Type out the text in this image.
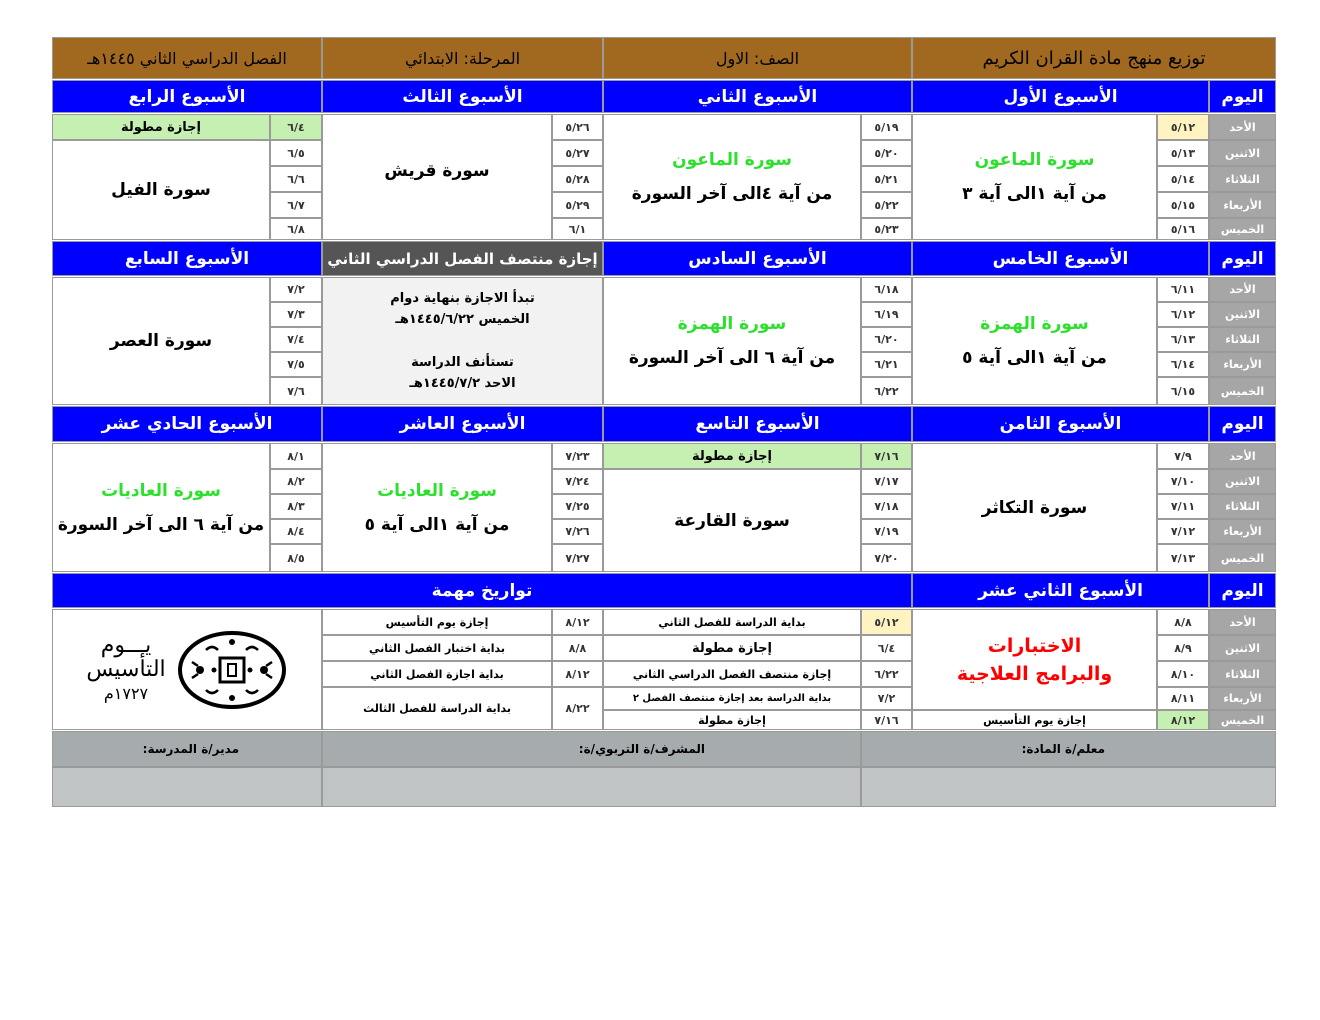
توزيع منهج مادة القران الكريم
الصف: الاول
المرحلة: الابتدائي
الفصل الدراسي الثاني ١٤٤٥هـ
اليوم
الأسبوع الأول
الأسبوع الثاني
الأسبوع الثالث
الأسبوع الرابع
الأحد
الاثنين
الثلاثاء
الأربعاء
الخميس
٥/١٢
٥/١٣
٥/١٤
٥/١٥
٥/١٦
سورة الماعون
من آية ١الى آية ٣
٥/١٩
٥/٢٠
٥/٢١
٥/٢٢
٥/٢٣
سورة الماعون
من آية ٤الى آخر السورة
٥/٢٦
٥/٢٧
٥/٢٨
٥/٢٩
٦/١
سورة قريش
٦/٤
٦/٥
٦/٦
٦/٧
٦/٨
إجازة مطولة
سورة الفيل
اليوم
الأسبوع الخامس
الأسبوع السادس
إجازة منتصف الفصل الدراسي الثاني
الأسبوع السابع
الأحد
الاثنين
الثلاثاء
الأربعاء
الخميس
٦/١١
٦/١٢
٦/١٣
٦/١٤
٦/١٥
سورة الهمزة
من آية ١الى آية ٥
٦/١٨
٦/١٩
٦/٢٠
٦/٢١
٦/٢٢
سورة الهمزة
من آية ٦ الى آخر السورة
تبدأ الاجازة بنهاية دوام
الخميس ١٤٤٥/٦/٢٢هـ
تستأنف الدراسة
الاحد ١٤٤٥/٧/٢هـ
٧/٢
٧/٣
٧/٤
٧/٥
٧/٦
سورة العصر
اليوم
الأسبوع الثامن
الأسبوع التاسع
الأسبوع العاشر
الأسبوع الحادي عشر
الأحد
الاثنين
الثلاثاء
الأربعاء
الخميس
٧/٩
٧/١٠
٧/١١
٧/١٢
٧/١٣
سورة التكاثر
٧/١٦
٧/١٧
٧/١٨
٧/١٩
٧/٢٠
إجازة مطولة
سورة القارعة
٧/٢٣
٧/٢٤
٧/٢٥
٧/٢٦
٧/٢٧
سورة العاديات
من آية ١الى آية ٥
٨/١
٨/٢
٨/٣
٨/٤
٨/٥
سورة العاديات
من آية ٦ الى آخر السورة
اليوم
الأسبوع الثاني عشر
تواريخ مهمة
الأحد
الاثنين
الثلاثاء
الأربعاء
الخميس
٨/٨
٨/٩
٨/١٠
٨/١١
٨/١٢
الاختبارات
والبرامج العلاجية
إجازة يوم التأسيس
٥/١٢
بداية الدراسة للفصل الثاني
٦/٤
إجازة مطولة
٦/٢٢
إجازة منتصف الفصل الدراسي الثاني
٧/٢
بداية الدراسة بعد إجازة منتصف الفصل ٢
٧/١٦
إجازة مطولة
٨/١٢
إجازة يوم التأسيس
٨/٨
بداية اختبار الفصل الثاني
٨/١٢
بداية اجازة الفصل الثاني
٨/٢٢
بداية الدراسة للفصل الثالث
يـــوم
التأسيس
١٧٢٧م
معلم/ة المادة:
المشرف/ة التربوي/ة:
مدير/ة المدرسة:
